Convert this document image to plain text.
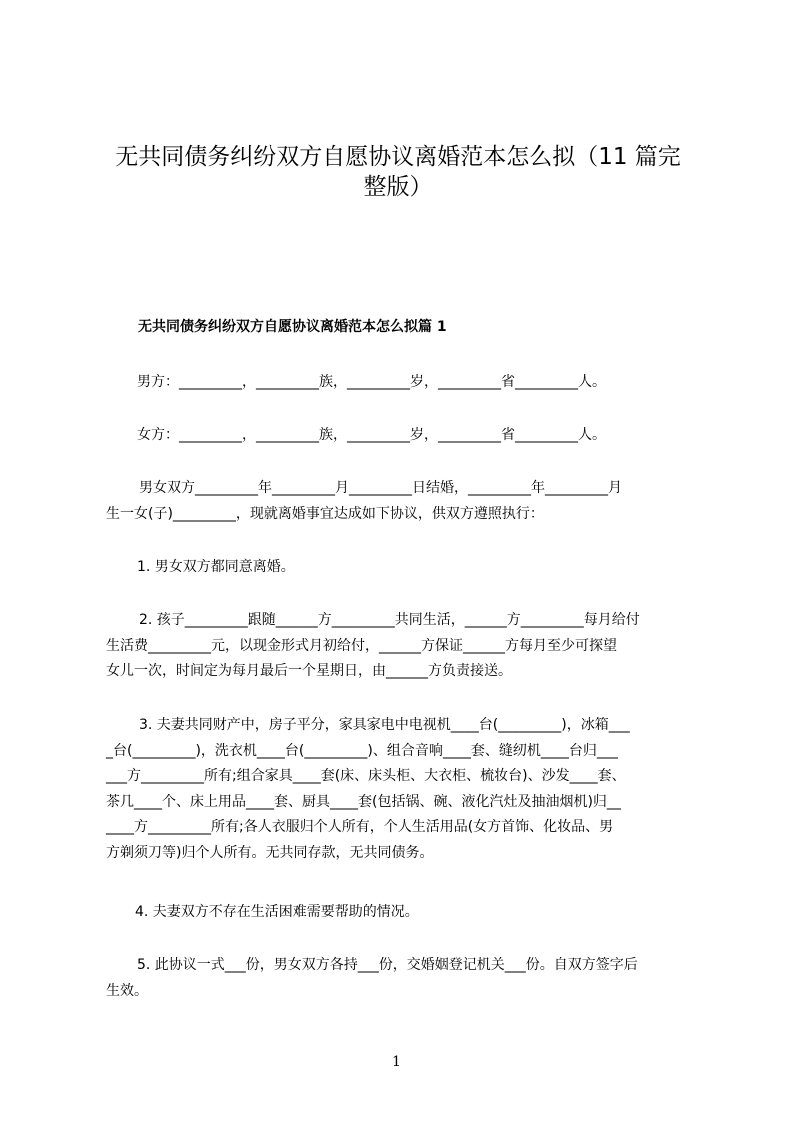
无共同债务纠纷双方自愿协议离婚范本怎么拟（11 篇完
整版）
无共同债务纠纷双方自愿协议离婚范本怎么拟篇 1

男方：_________，_________族，_________岁，_________省_________人。

女方：_________，_________族，_________岁，_________省_________人。

男女双方_________年_________月_________日结婚，_________年_________月
生一女(子)_________，现就离婚事宜达成如下协议，供双方遵照执行：

1. 男女双方都同意离婚。

2. 孩子_________跟随______方_________共同生活，______方_________每月给付
生活费_________元，以现金形式月初给付，______方保证______方每月至少可探望
女儿一次，时间定为每月最后一个星期日，由______方负责接送。

3. 夫妻共同财产中，房子平分，家具家电中电视机____台(_________)，冰箱___
_台(_________)，洗衣机____台(_________)、组合音响____套、缝纫机____台归___
___方_________所有;组合家具____套(床、床头柜、大衣柜、梳妆台)、沙发____套、
茶几____个、床上用品____套、厨具____套(包括锅、碗、液化汽灶及抽油烟机)归__
____方_________所有;各人衣服归个人所有，个人生活用品(女方首饰、化妆品、男
方剃须刀等)归个人所有。无共同存款，无共同债务。

4. 夫妻双方不存在生活困难需要帮助的情况。

5. 此协议一式___份，男女双方各持___份，交婚姻登记机关___份。自双方签字后
生效。

1
